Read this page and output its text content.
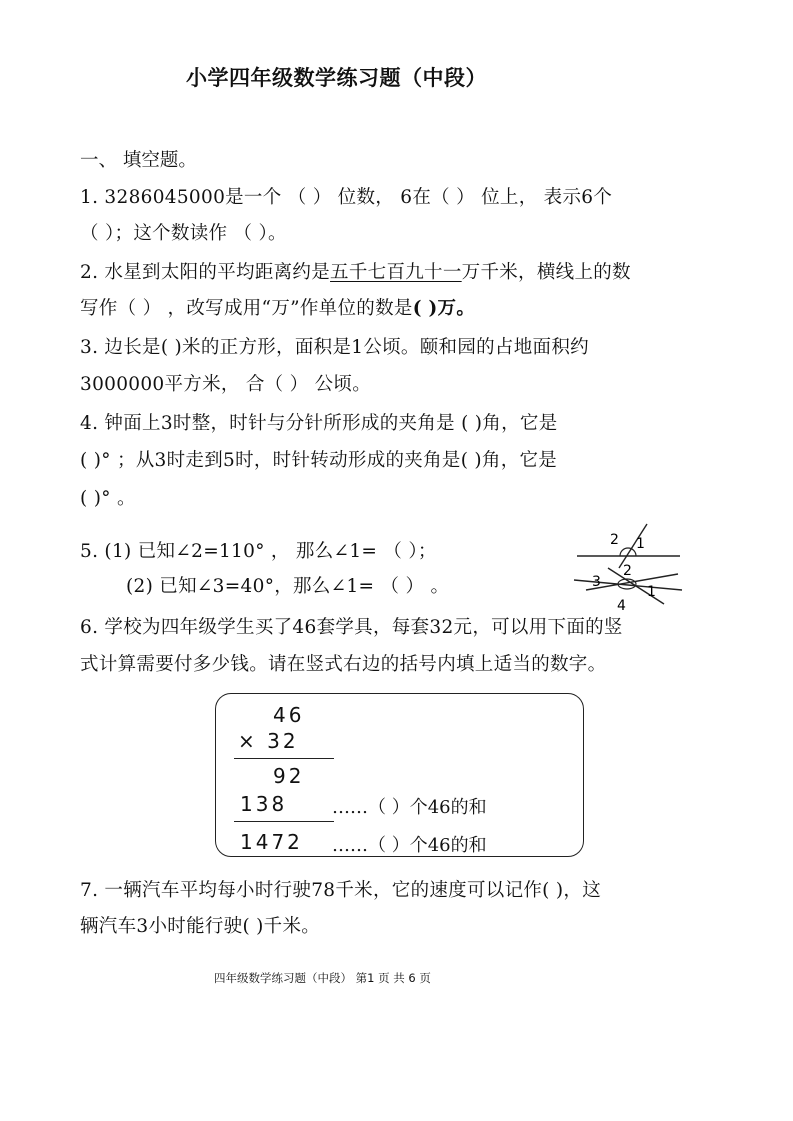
小学四年级数学练习题（中段）
一、 填空题。
1. 3286045000是一个 （ ） 位数， 6在（ ） 位上， 表示6个
（ ）；这个数读作 （ ）。
2. 水星到太阳的平均距离约是五千七百九十一万千米，横线上的数
写作（ ） ，改写成用“万”作单位的数是( )万。
3. 边长是( )米的正方形，面积是1公顷。颐和园的占地面积约
3000000平方米， 合（ ） 公顷。
4. 钟面上3时整，时针与分针所形成的夹角是 ( )角，它是
( )° ；从3时走到5时，时针转动形成的夹角是( )角，它是
( )° 。
5. (1) 已知∠2=110° ， 那么∠1= （ ）；
(2) 已知∠3=40°，那么∠1= （ ） 。
2 1
2
3
4
1
6. 学校为四年级学生买了46套学具，每套32元，可以用下面的竖
式计算需要付多少钱。请在竖式右边的括号内填上适当的数字。
46
× 32
92
138 ……（ ）个46的和
1472 ……（ ）个46的和
7. 一辆汽车平均每小时行驶78千米，它的速度可以记作( )，这
辆汽车3小时能行驶( )千米。
四年级数学练习题（中段） 第1 页 共 6 页
